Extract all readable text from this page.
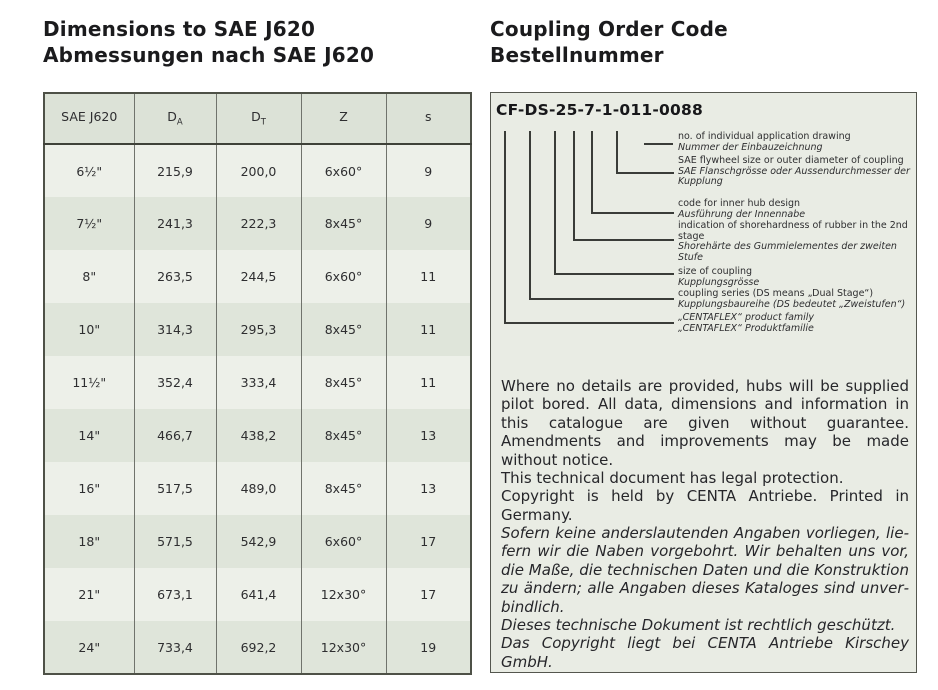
Dimensions to SAE J620
Abmessungen nach SAE J620
Coupling Order Code
Bestellnummer
SAE J620	$D_A$	$D_T$	Z	s
6½"	215,9	200,0	6x60°	9
7½"	241,3	222,3	8x45°	9
8"	263,5	244,5	6x60°	11
10"	314,3	295,3	8x45°	11
11½"	352,4	333,4	8x45°	11
14"	466,7	438,2	8x45°	13
16"	517,5	489,0	8x45°	13
18"	571,5	542,9	6x60°	17
21"	673,1	641,4	12x30°	17
24"	733,4	692,2	12x30°	19
CF-DS-25-7-1-011-0088
no. of individual application drawing
Nummer der Einbauzeichnung
SAE flywheel size or outer diameter of coupling
SAE Flanschgrösse oder Aussendurchmesser der Kupplung
code for inner hub design
Ausführung der Innennabe
indication of shorehardness of rubber in the 2nd stage
Shorehärte des Gummielementes der zweiten Stufe
size of coupling
Kupplungsgrösse
coupling series (DS means „Dual Stage“)
Kupplungsbaureihe (DS bedeutet „Zweistufen“)
„CENTAFLEX“ product family
„CENTAFLEX“ Produktfamilie

Where no details are provided, hubs will be supplied pilot bored. All data, dimensions and information in this catalogue are given without guarantee. Amendments and improvements may be made without notice.

This technical document has legal protection.

Copyright is held by CENTA Antriebe. Printed in Germany.

Sofern keine anderslautenden Angaben vorliegen, liefern wir die Naben vorgebohrt. Wir behalten uns vor, die Maße, die technischen Daten und die Konstruktion zu ändern; alle Angaben dieses Kataloges sind unverbindlich.

Dieses technische Dokument ist rechtlich geschützt.

Das Copyright liegt bei CENTA Antriebe Kirschey GmbH.
